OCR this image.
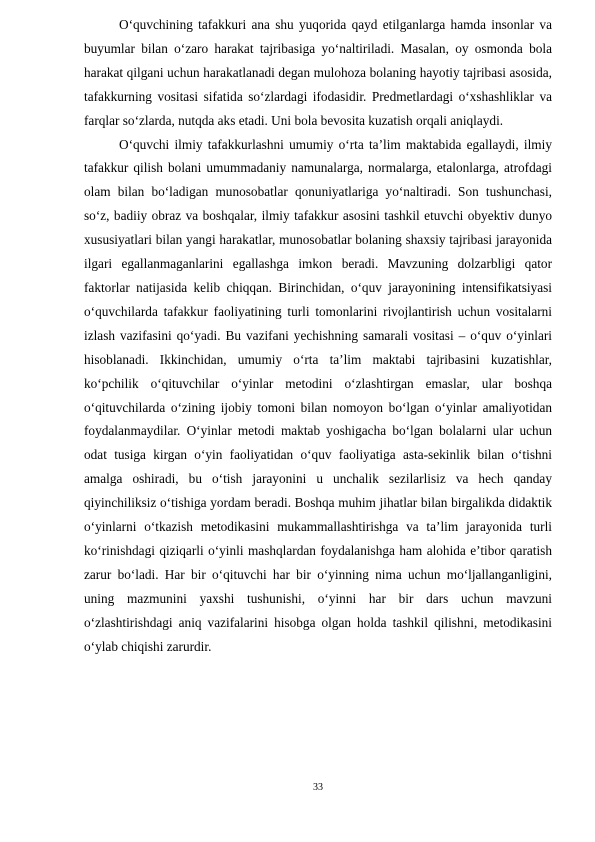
O‘quvchining tafakkuri ana shu yuqorida qayd etilganlarga hamda insonlar va buyumlar bilan o‘zaro harakat tajribasiga yo‘naltiriladi. Masalan, oy osmonda bola harakat qilgani uchun harakatlanadi degan mulohoza bolaning hayotiy tajribasi asosida, tafakkurning vositasi sifatida so‘zlardagi ifodasidir. Predmetlardagi o‘xshashliklar va farqlar so‘zlarda, nutqda aks etadi. Uni bola bevosita kuzatish orqali aniqlaydi.

O‘quvchi ilmiy tafakkurlashni umumiy o‘rta ta’lim maktabida egallaydi, ilmiy tafakkur qilish bolani umummadaniy namunalarga, normalarga, etalonlarga, atrofdagi olam bilan bo‘ladigan munosobatlar qonuniyatlariga yo‘naltiradi. Son tushunchasi, so‘z, badiiy obraz va boshqalar, ilmiy tafakkur asosini tashkil etuvchi obyektiv dunyo xususiyatlari bilan yangi harakatlar, munosobatlar bolaning shaxsiy tajribasi jarayonida ilgari egallanmaganlarini egallashga imkon beradi. Mavzuning dolzarbligi qator faktorlar natijasida kelib chiqqan. Birinchidan, o‘quv jarayonining intensifikatsiyasi o‘quvchilarda tafakkur faoliyatining turli tomonlarini rivojlantirish uchun vositalarni izlash vazifasini qo‘yadi. Bu vazifani yechishning samarali vositasi – o‘quv o‘yinlari hisoblanadi. Ikkinchidan, umumiy o‘rta ta’lim maktabi tajribasini kuzatishlar, ko‘pchilik o‘qituvchilar o‘yinlar metodini o‘zlashtirgan emaslar, ular boshqa o‘qituvchilarda o‘zining ijobiy tomoni bilan nomoyon bo‘lgan o‘yinlar amaliyotidan foydalanmaydilar. O‘yinlar metodi maktab yoshigacha bo‘lgan bolalarni ular uchun odat tusiga kirgan o‘yin faoliyatidan o‘quv faoliyatiga asta-sekinlik bilan o‘tishni amalga oshiradi, bu o‘tish jarayonini u unchalik sezilarlisiz va hech qanday qiyinchiliksiz o‘tishiga yordam beradi. Boshqa muhim jihatlar bilan birgalikda didaktik o‘yinlarni o‘tkazish metodikasini mukammallashtirishga va ta’lim jarayonida turli ko‘rinishdagi qiziqarli o‘yinli mashqlardan foydalanishga ham alohida e’tibor qaratish zarur bo‘ladi. Har bir o‘qituvchi har bir o‘yinning nima uchun mo‘ljallanganligini, uning mazmunini yaxshi tushunishi, o‘yinni har bir dars uchun mavzuni o‘zlashtirishdagi aniq vazifalarini hisobga olgan holda tashkil qilishni, metodikasini o‘ylab chiqishi zarurdir.

33
